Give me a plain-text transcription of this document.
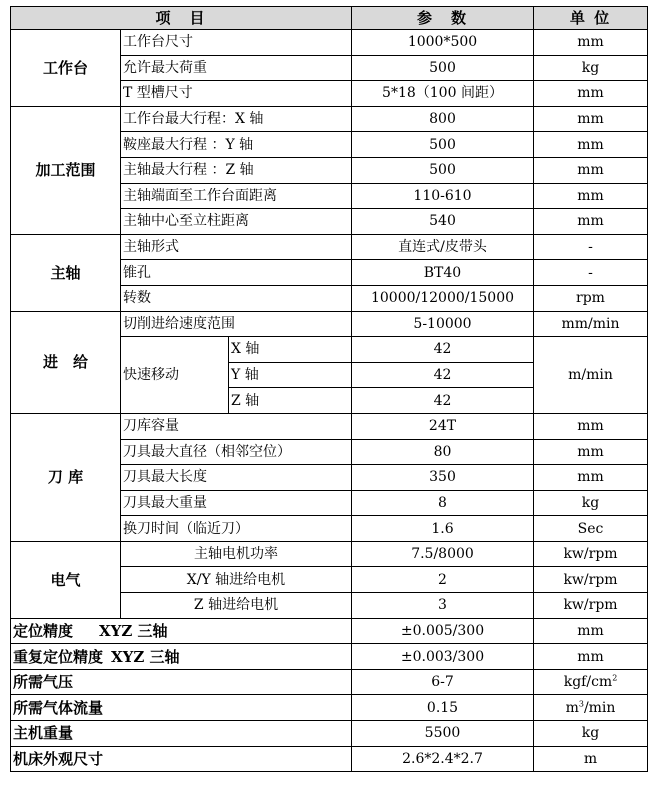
项　目			参　数	单 位
工作台	工作台尺寸		1000*500	mm
	允许最大荷重		500	kg
	T 型槽尺寸		5*18（100 间距）	mm
加工范围	工作台最大行程：X 轴		800	mm
	鞍座最大行程 ：Y 轴		500	mm
	主轴最大行程 ：Z 轴		500	mm
	主轴端面至工作台面距离		110-610	mm
	主轴中心至立柱距离		540	mm
主轴	主轴形式		直连式/皮带头	-
	锥孔		BT40	-
	转数		10000/12000/15000	rpm
进　给	切削进给速度范围		5-10000	mm/min
	快速移动	X 轴	42	m/min
		Y 轴	42	
		Z 轴	42	
刀 库	刀库容量		24T	mm
	刀具最大直径（相邻空位）		80	mm
	刀具最大长度		350	mm
	刀具最大重量		8	kg
	换刀时间（临近刀）		1.6	Sec
电气	主轴电机功率		7.5/8000	kw/rpm
	X/Y 轴进给电机		2	kw/rpm
	Z 轴进给电机		3	kw/rpm
定位精度 XYZ 三轴			±0.005/300	mm
重复定位精度 XYZ 三轴			±0.003/300	mm
所需气压			6-7	kgf/$cm^2$
所需气体流量			0.15	$m^3/\min$
主机重量			5500	kg
机床外观尺寸			2.6*2.4*2.7	m
